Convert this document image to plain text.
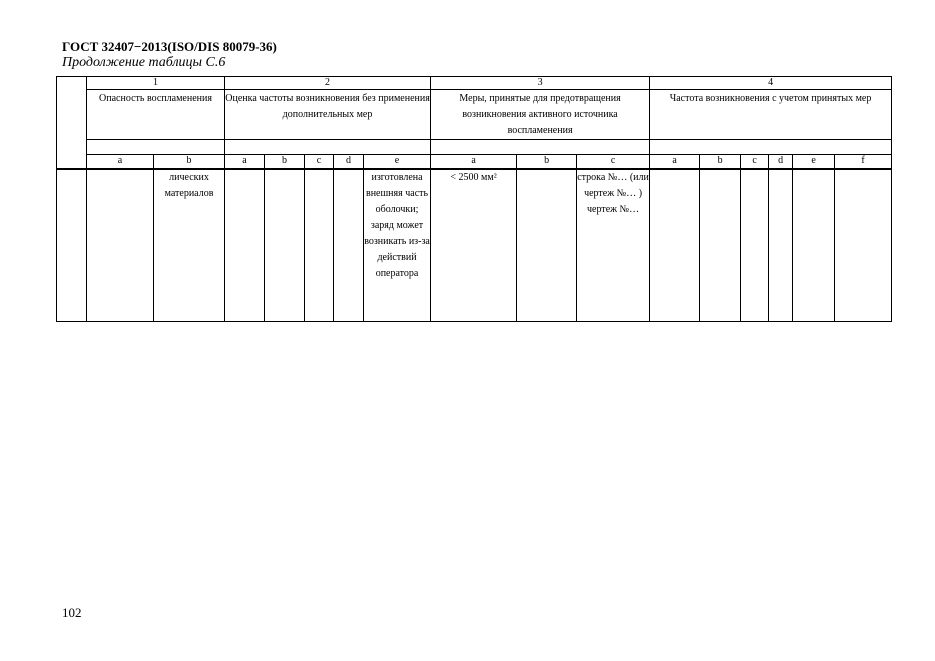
ГОСТ 32407−2013(ISO/DIS 80079-36)
Продолжение таблицы С.6
	1		2					3			4					
	Опасность воспламенения		Оценка частоты возникновения без применения дополнительных мер					Меры, принятые для предотвращения возникновения активного источника воспламенения			Частота возникновения с учетом принятых мер					

	a	b	a	b	c	d	e	a	b	c	a	b	c	d	e	f

		лических материалов					изготовлена внешняя часть оболочки; заряд может возникать из-за действий оператора	< 2500 мм²		строка №… (или чертеж №… ) чертеж №…						

102
